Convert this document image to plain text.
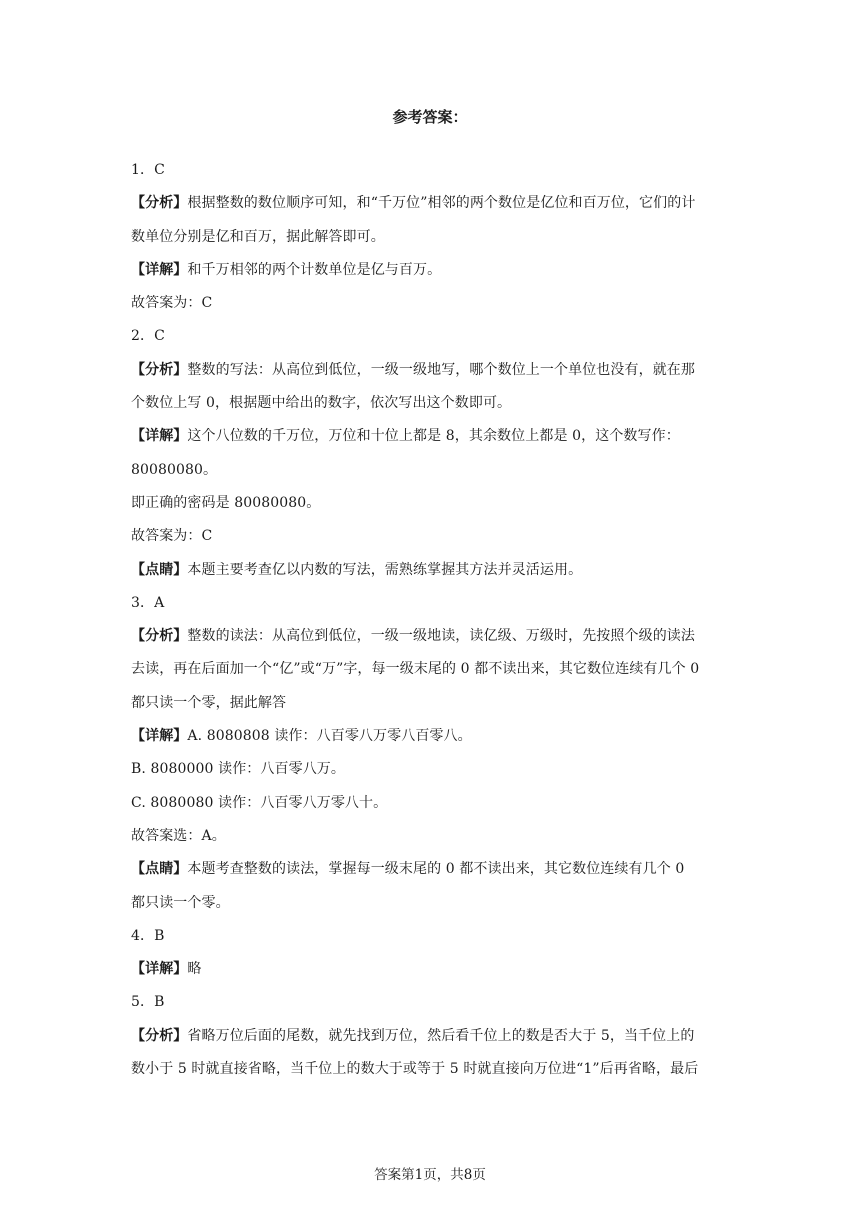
参考答案：
1．C
【分析】根据整数的数位顺序可知，和“千万位”相邻的两个数位是亿位和百万位，它们的计
数单位分别是亿和百万，据此解答即可。
【详解】和千万相邻的两个计数单位是亿与百万。
故答案为：C
2．C
【分析】整数的写法：从高位到低位，一级一级地写，哪个数位上一个单位也没有，就在那
个数位上写 0，根据题中给出的数字，依次写出这个数即可。
【详解】这个八位数的千万位，万位和十位上都是 8，其余数位上都是 0，这个数写作：
80080080。
即正确的密码是 80080080。
故答案为：C
【点睛】本题主要考查亿以内数的写法，需熟练掌握其方法并灵活运用。
3．A
【分析】整数的读法：从高位到低位，一级一级地读，读亿级、万级时，先按照个级的读法
去读，再在后面加一个“亿”或“万”字，每一级末尾的 0 都不读出来，其它数位连续有几个 0
都只读一个零，据此解答
【详解】A. 8080808 读作：八百零八万零八百零八。
B. 8080000 读作：八百零八万。
C. 8080080 读作：八百零八万零八十。
故答案选：A。
【点睛】本题考查整数的读法，掌握每一级末尾的 0 都不读出来，其它数位连续有几个 0
都只读一个零。
4．B
【详解】略
5．B
【分析】省略万位后面的尾数，就先找到万位，然后看千位上的数是否大于 5，当千位上的
数小于 5 时就直接省略，当千位上的数大于或等于 5 时就直接向万位进“1”后再省略，最后
答案第1页，共8页
